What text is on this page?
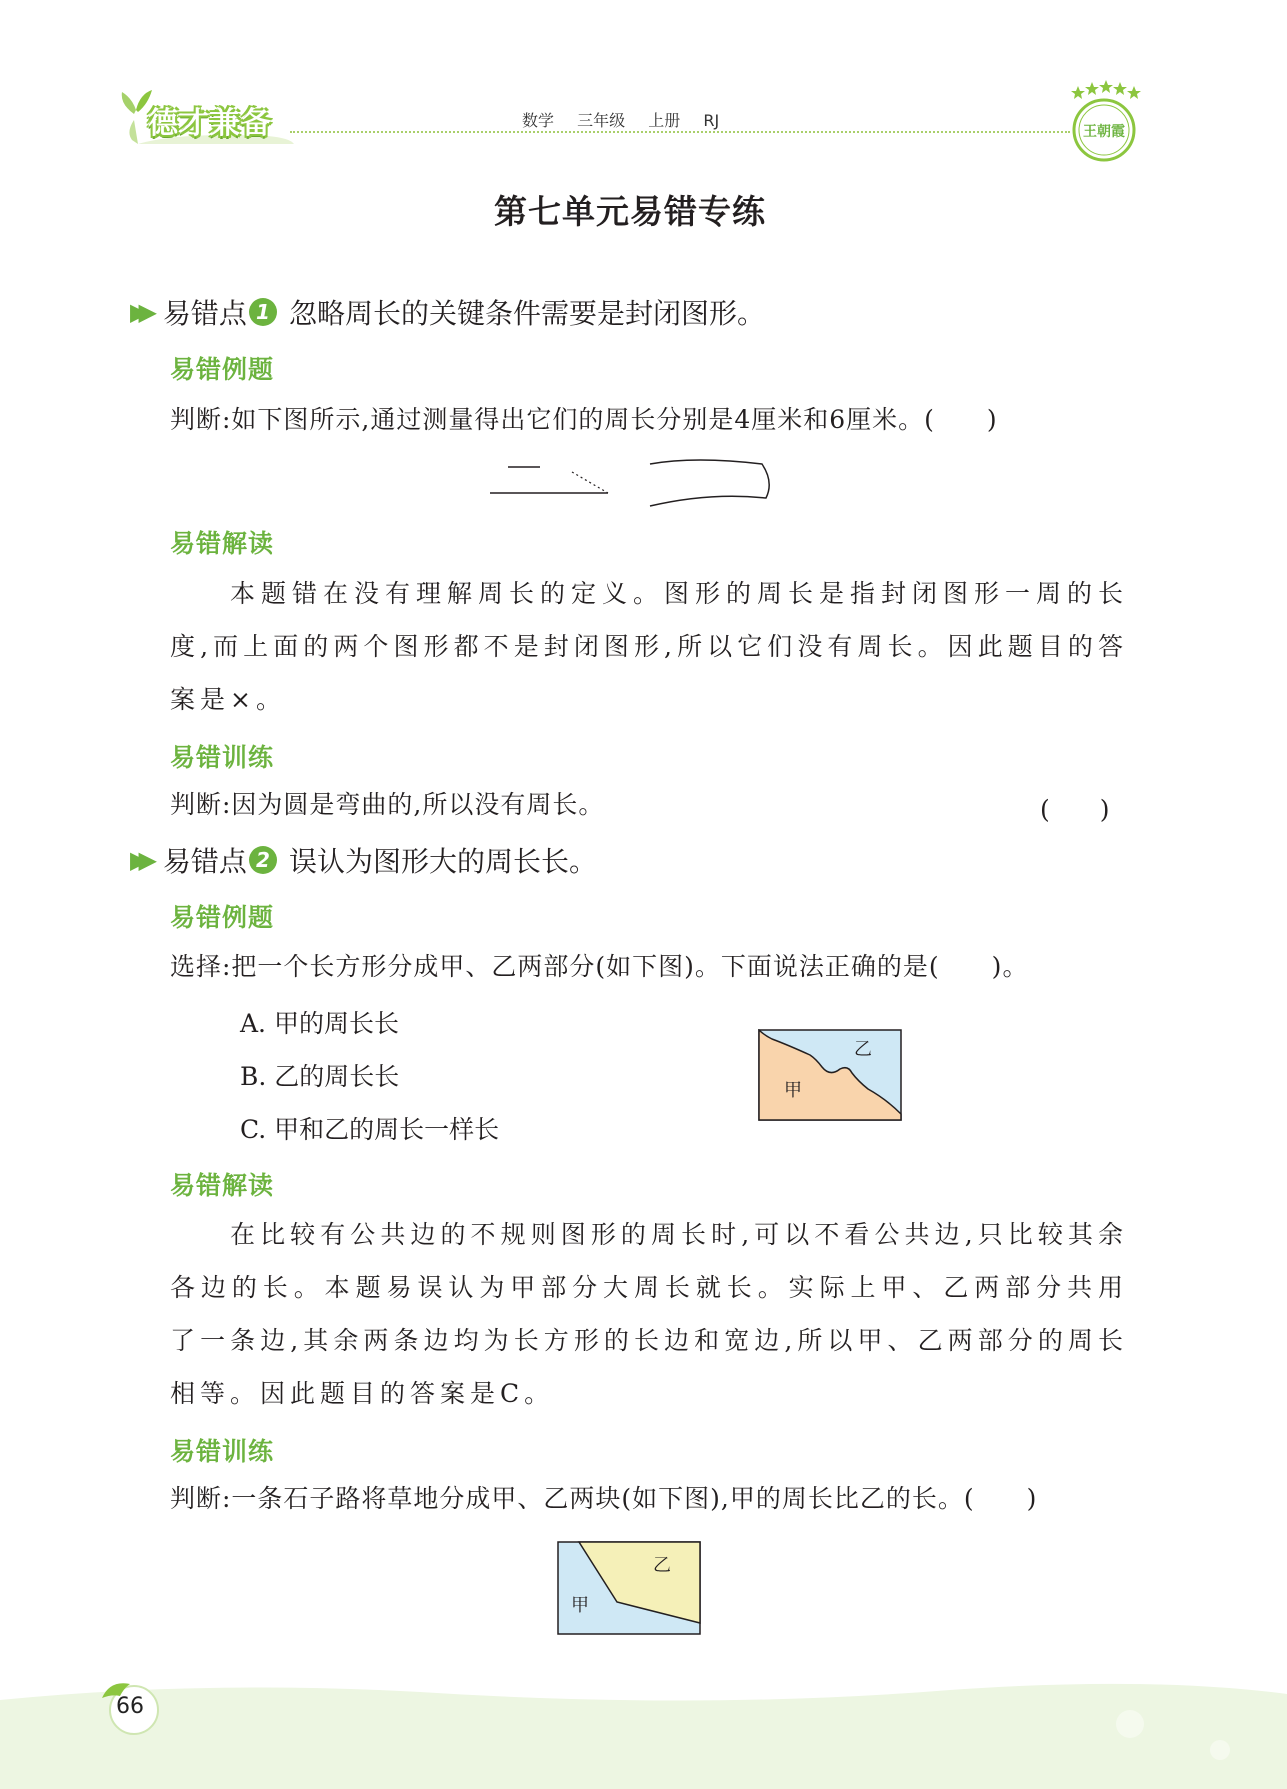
德才兼备	数学 三年级 上册 RJ
王朝霞
第七单元易错专练
▶▶ 易错点 1 忽略周长的关键条件需要是封闭图形。
易错例题
判断:如下图所示,通过测量得出它们的周长分别是4厘米和6厘米。(　　)
易错解读
本题错在没有理解周长的定义。图形的周长是指封闭图形一周的长度,而上面的两个图形都不是封闭图形,所以它们没有周长。因此题目的答案是×。
易错训练
判断:因为圆是弯曲的,所以没有周长。	(　　)
▶▶ 易错点 2 误认为图形大的周长长。
易错例题
选择:把一个长方形分成甲、乙两部分(如下图)。下面说法正确的是(　　)。
A. 甲的周长长
B. 乙的周长长
C. 甲和乙的周长一样长
甲
乙
易错解读
在比较有公共边的不规则图形的周长时,可以不看公共边,只比较其余各边的长。本题易误认为甲部分大周长就长。实际上甲、乙两部分共用了一条边,其余两条边均为长方形的长边和宽边,所以甲、乙两部分的周长相等。因此题目的答案是C。
易错训练
判断:一条石子路将草地分成甲、乙两块(如下图),甲的周长比乙的长。(　　)
甲
乙
66
